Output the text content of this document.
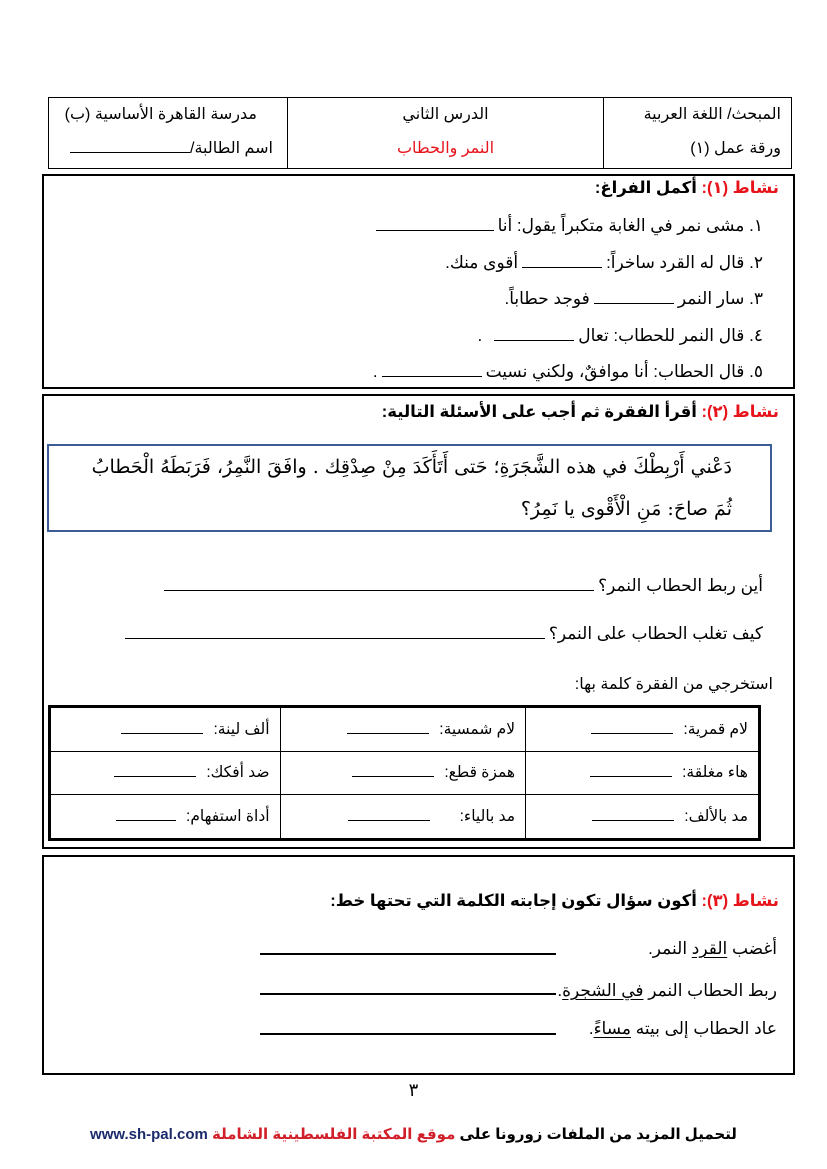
المبحث/ اللغة العربية
ورقة عمل (١)
الدرس الثاني
النمر والحطاب
مدرسة القاهرة الأساسية (ب)
اسم الطالبة/
نشاط (١): أكمل الفراغ:
١. مشى نمر في الغابة متكبراً يقول: أنا
٢. قال له القرد ساخراً:أقوى منك.
٣. سار النمرفوجد حطاباً.
٤. قال النمر للحطاب: تعال.
٥. قال الحطاب: أنا موافقٌ، ولكني نسيت.
نشاط (٢): أقرأ الفقرة ثم أجب على الأسئلة التالية:
أين ربط الحطاب النمر؟
كيف تغلب الحطاب على النمر؟
استخرجي من الفقرة كلمة بها:
دَعْني أَرْبِطْكَ في هذه الشَّجَرَةِ؛ حَتى أَتَأَكَدَ مِنْ صِدْقِك . وافَقَ النَّمِرُ، فَرَبَطَهُ الْحَطابُ
ثُمَ صاحَ: مَنِ الْأَقْوى يا نَمِرُ؟
لام قمرية:	لام شمسية:	ألف لينة:
هاء مغلقة:	همزة قطع:	ضد أفكك:
مد بالألف:	مد بالياء:	أداة استفهام:
نشاط (٣): أكون سؤال تكون إجابته الكلمة التي تحتها خط:
أغضب القرد النمر.
ربط الحطاب النمر في الشجرة.
عاد الحطاب إلى بيته مساءً.
٣
لتحميل المزيد من الملفات زورونا على موقع المكتبة الفلسطينية الشاملة www.sh-pal.com
